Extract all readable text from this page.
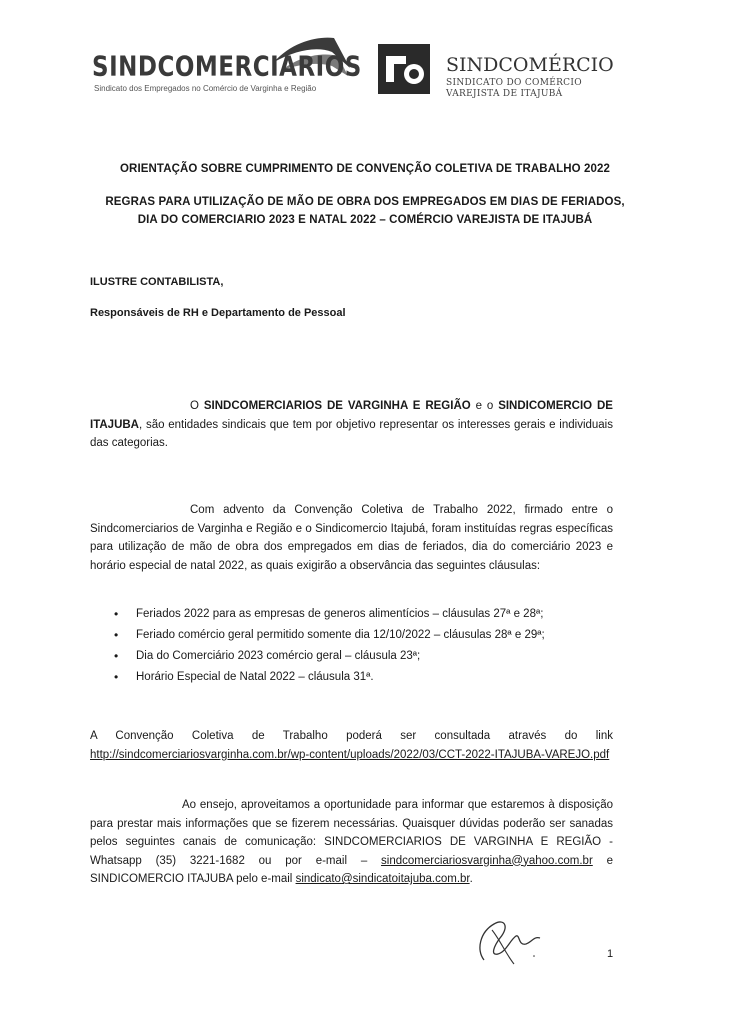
SINDCOMERCIARIOS
Sindicato dos Empregados no Comércio de Varginha e Região
SINDCOMÉRCIO
SINDICATO DO COMÉRCIO
VAREJISTA DE ITAJUBÁ
ORIENTAÇÃO SOBRE CUMPRIMENTO DE CONVENÇÃO COLETIVA DE TRABALHO 2022
REGRAS PARA UTILIZAÇÃO DE MÃO DE OBRA DOS EMPREGADOS EM DIAS DE FERIADOS,
DIA DO COMERCIARIO 2023 E NATAL 2022 – COMÉRCIO VAREJISTA DE ITAJUBÁ
ILUSTRE CONTABILISTA,
Responsáveis de RH e Departamento de Pessoal
O SINDCOMERCIARIOS DE VARGINHA E REGIÃO e o SINDICOMERCIO DE ITAJUBA, são entidades sindicais que tem por objetivo representar os interesses gerais e individuais das categorias.
Com advento da Convenção Coletiva de Trabalho 2022, firmado entre o Sindcomerciarios de Varginha e Região e o Sindicomercio Itajubá, foram instituídas regras específicas para utilização de mão de obra dos empregados em dias de feriados, dia do comerciário 2023 e horário especial de natal 2022, as quais exigirão a observância das seguintes cláusulas:
• Feriados 2022 para as empresas de generos alimentícios – cláusulas 27ª e 28ª;
• Feriado comércio geral permitido somente dia 12/10/2022 – cláusulas 28ª e 29ª;
• Dia do Comerciário 2023 comércio geral – cláusula 23ª;
• Horário Especial de Natal 2022 – cláusula 31ª.
A Convenção Coletiva de Trabalho poderá ser consultada através do link http://sindcomerciariosvarginha.com.br/wp-content/uploads/2022/03/CCT-2022-ITAJUBA-VAREJO.pdf
Ao ensejo, aproveitamos a oportunidade para informar que estaremos à disposição para prestar mais informações que se fizerem necessárias. Quaisquer dúvidas poderão ser sanadas pelos seguintes canais de comunicação: SINDCOMERCIARIOS DE VARGINHA E REGIÃO - Whatsapp (35) 3221-1682 ou por e-mail – sindcomerciariosvarginha@yahoo.com.br e SINDICOMERCIO ITAJUBA pelo e-mail sindicato@sindicatoitajuba.com.br.
1
